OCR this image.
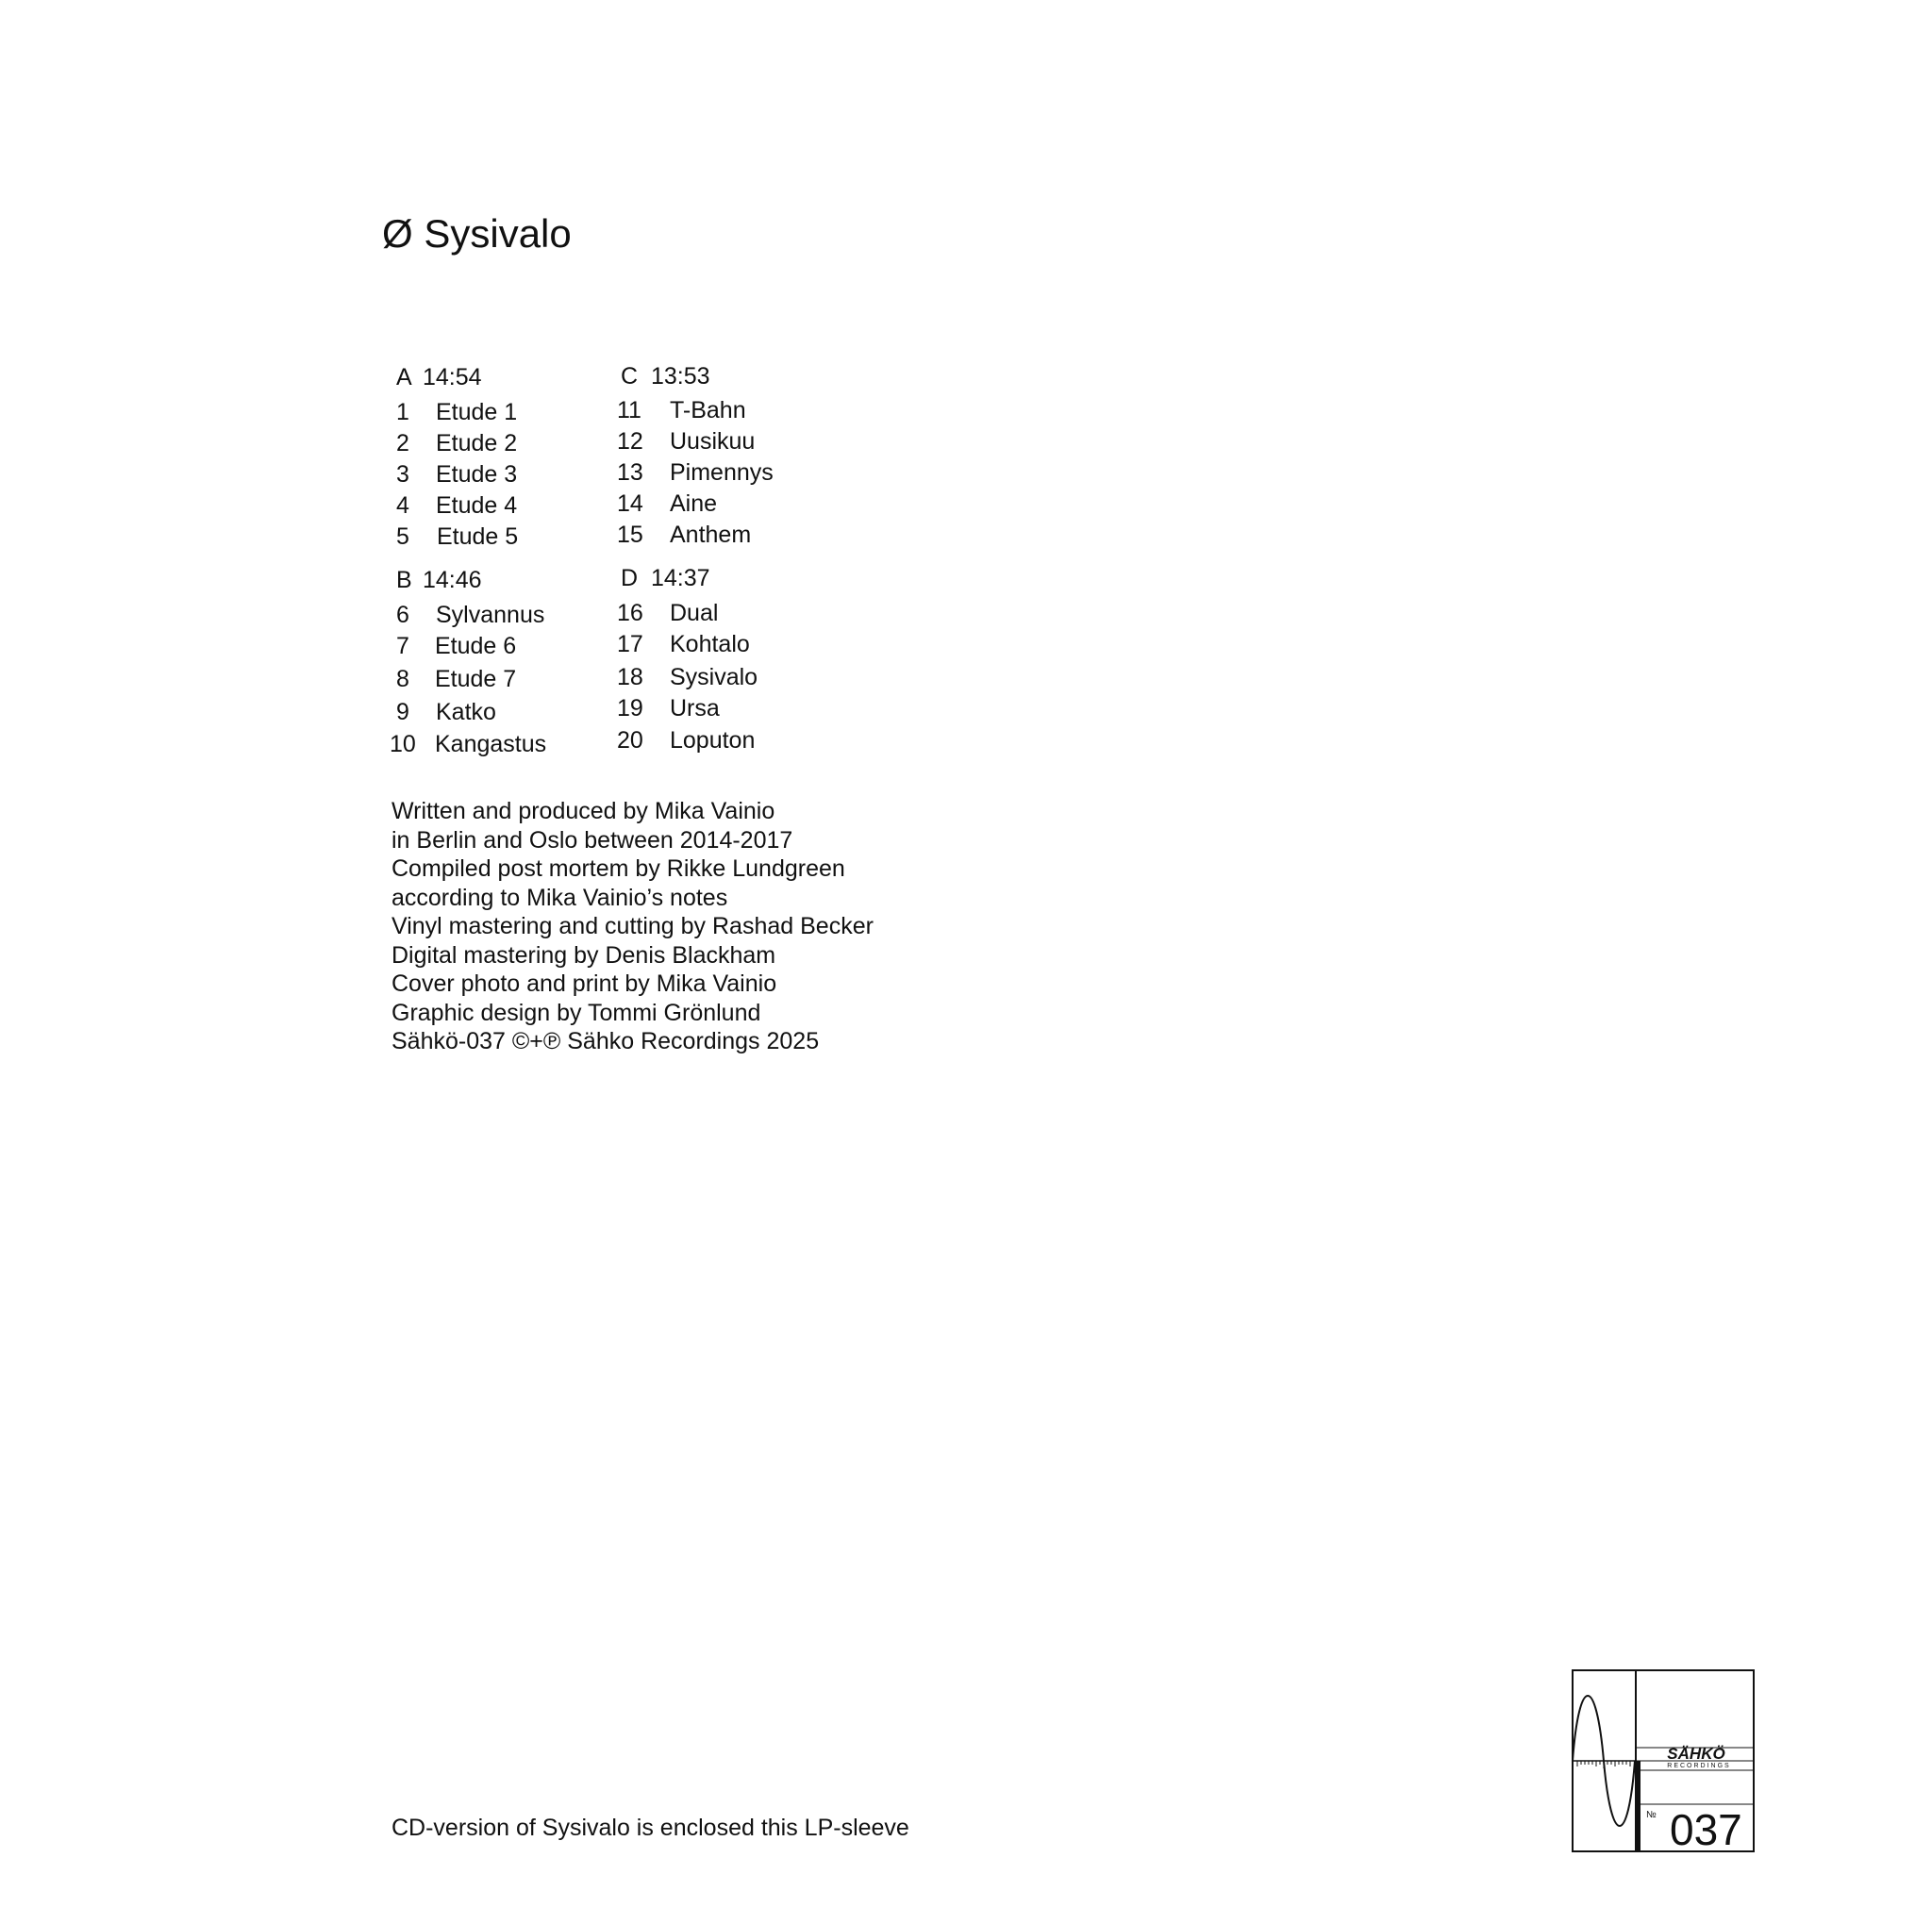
Ø Sysivalo
A 14:54
1 Etude 1
2 Etude 2
3 Etude 3
4 Etude 4
5 Etude 5
B 14:46
6 Sylvannus
7 Etude 6
8 Etude 7
9 Katko
10 Kangastus
C 13:53
11 T-Bahn
12 Uusikuu
13 Pimennys
14 Aine
15 Anthem
D 14:37
16 Dual
17 Kohtalo
18 Sysivalo
19 Ursa
20 Loputon
Written and produced by Mika Vainio
in Berlin and Oslo between 2014-2017
Compiled post mortem by Rikke Lundgreen
according to Mika Vainio’s notes
Vinyl mastering and cutting by Rashad Becker
Digital mastering by Denis Blackham
Cover photo and print by Mika Vainio
Graphic design by Tommi Grönlund
Sähkö-037 ©+℗ Sähko Recordings 2025
CD-version of Sysivalo is enclosed this LP-sleeve
SÄHKÖ
RECORDINGS
№ 037
